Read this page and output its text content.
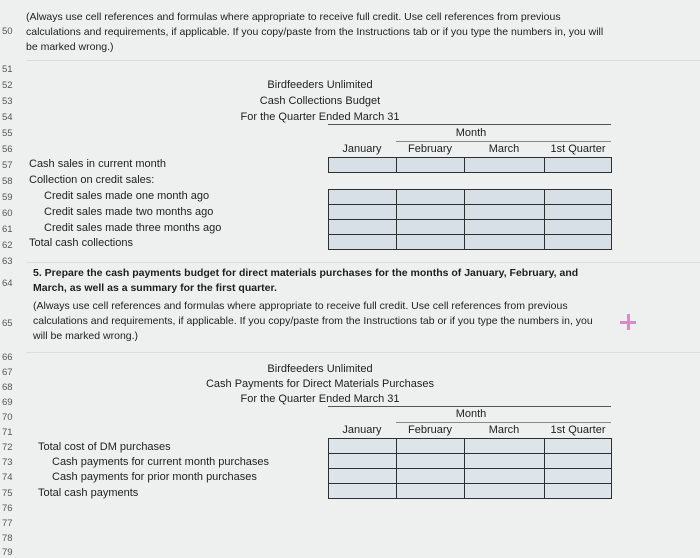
50
(Always use cell references and formulas where appropriate to receive full credit. Use cell references from previous calculations and requirements, if applicable. If you copy/paste from the Instructions tab or if you type the numbers in, you will be marked wrong.)
51
52
53
54
55
56
57
58
59
60
61
62
63
Birdfeeders Unlimited
Cash Collections Budget
For the Quarter Ended March 31
Month
January	February	March	1st Quarter
Cash sales in current month
Collection on credit sales:
Credit sales made one month ago
Credit sales made two months ago
Credit sales made three months ago
Total cash collections
64
5. Prepare the cash payments budget for direct materials purchases for the months of January, February, and March, as well as a summary for the first quarter.
65
(Always use cell references and formulas where appropriate to receive full credit. Use cell references from previous calculations and requirements, if applicable. If you copy/paste from the Instructions tab or if you type the numbers in, you will be marked wrong.)
66
67
68
69
70
71
72
73
74
75
76
77
78
79
Birdfeeders Unlimited
Cash Payments for Direct Materials Purchases
For the Quarter Ended March 31
Month
January	February	March	1st Quarter
Total cost of DM purchases
Cash payments for current month purchases
Cash payments for prior month purchases
Total cash payments
